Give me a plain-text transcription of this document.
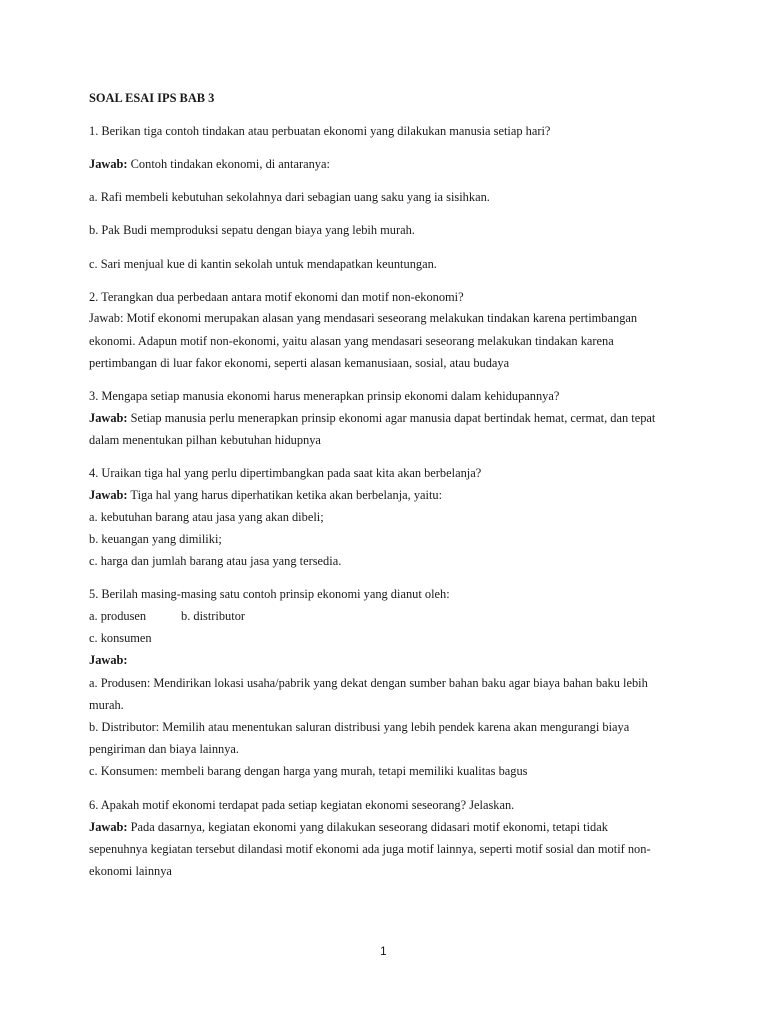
SOAL ESAI IPS BAB 3

1. Berikan tiga contoh tindakan atau perbuatan ekonomi yang dilakukan manusia setiap hari?

Jawab: Contoh tindakan ekonomi, di antaranya:

a. Rafi membeli kebutuhan sekolahnya dari sebagian uang saku yang ia sisihkan.

b. Pak Budi memproduksi sepatu dengan biaya yang lebih murah.

c. Sari menjual kue di kantin sekolah untuk mendapatkan keuntungan.

2. Terangkan dua perbedaan antara motif ekonomi dan motif non-ekonomi?

Jawab: Motif ekonomi merupakan alasan yang mendasari seseorang melakukan tindakan karena pertimbangan

ekonomi. Adapun motif non-ekonomi, yaitu alasan yang mendasari seseorang melakukan tindakan karena

pertimbangan di luar fakor ekonomi, seperti alasan kemanusiaan, sosial, atau budaya

3. Mengapa setiap manusia ekonomi harus menerapkan prinsip ekonomi dalam kehidupannya?

Jawab: Setiap manusia perlu menerapkan prinsip ekonomi agar manusia dapat bertindak hemat, cermat, dan tepat

dalam menentukan pilhan kebutuhan hidupnya

4. Uraikan tiga hal yang perlu dipertimbangkan pada saat kita akan berbelanja?

Jawab: Tiga hal yang harus diperhatikan ketika akan berbelanja, yaitu:

a. kebutuhan barang atau jasa yang akan dibeli;

b. keuangan yang dimiliki;

c. harga dan jumlah barang atau jasa yang tersedia.

5. Berilah masing-masing satu contoh prinsip ekonomi yang dianut oleh:

a. produsen	b. distributor

c. konsumen

Jawab:

a. Produsen: Mendirikan lokasi usaha/pabrik yang dekat dengan sumber bahan baku agar biaya bahan baku lebih

murah.

b. Distributor: Memilih atau menentukan saluran distribusi yang lebih pendek karena akan mengurangi biaya

pengiriman dan biaya lainnya.

c. Konsumen: membeli barang dengan harga yang murah, tetapi memiliki kualitas bagus

6. Apakah motif ekonomi terdapat pada setiap kegiatan ekonomi seseorang? Jelaskan.

Jawab: Pada dasarnya, kegiatan ekonomi yang dilakukan seseorang didasari motif ekonomi, tetapi tidak

sepenuhnya kegiatan tersebut dilandasi motif ekonomi ada juga motif lainnya, seperti motif sosial dan motif non-

ekonomi lainnya

1
